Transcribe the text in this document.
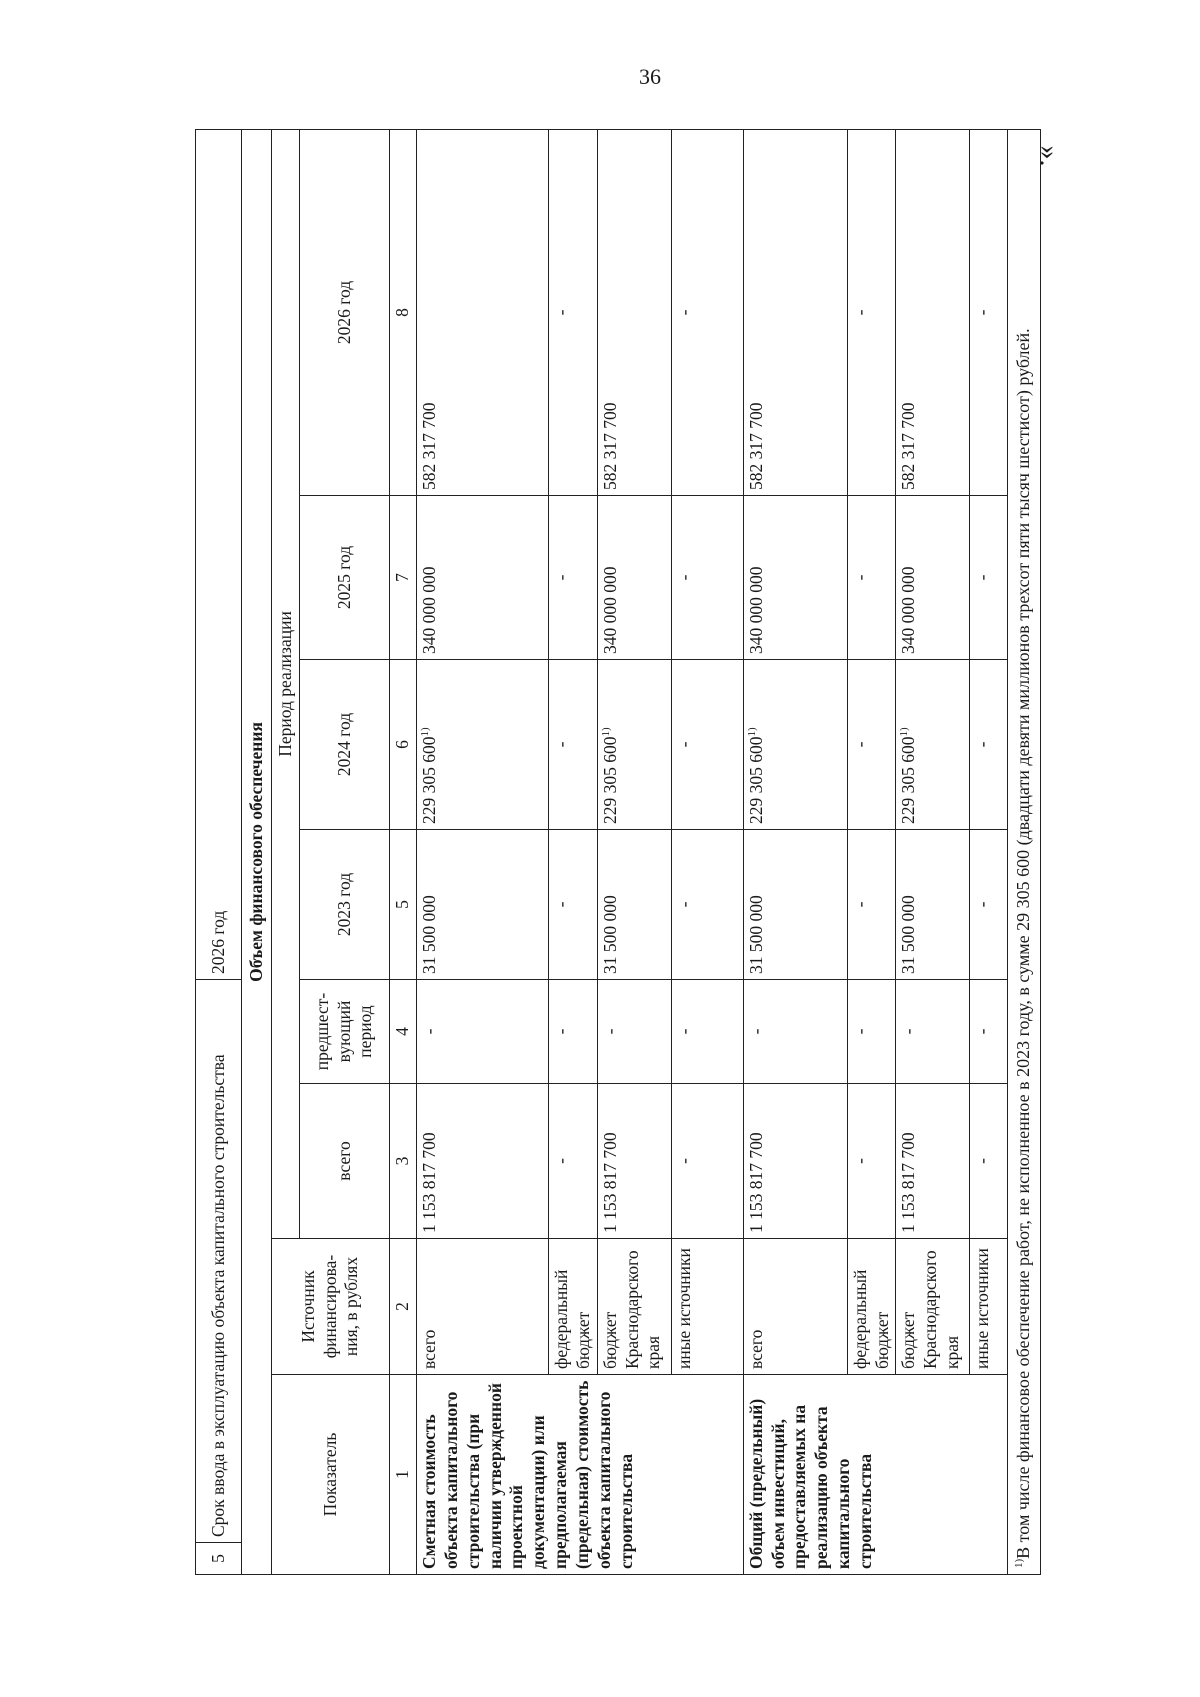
36
».
5	Срок ввода в эксплуатацию объекта капитального строительства				2026 год			
Объем финансового обеспечения								
Показатель		Источник финансирова-ния, в рублях	Период реализации					
			всего	предшест-вующий период	2023 год	2024 год	2025 год	2026 год
1		2	3	4	5	6	7	8
Сметная стоимость объекта капитального строительства (при наличии утвержденной проектной документации) или предполагаемая (предельная) стоимость объекта капитального строительства		всего	1 153 817 700	-	31 500 000	229 305 600$^{1)}$	340 000 000	582 317 700
		федеральный бюджет	-	-	-	-	-	-
		бюджет Краснодарского края	1 153 817 700	-	31 500 000	229 305 600$^{1)}$	340 000 000	582 317 700
		иные источники	-	-	-	-	-	-
Общий (предельный) объем инвестиций, предоставляемых на реализацию объекта капитального строительства		всего	1 153 817 700	-	31 500 000	229 305 600$^{1)}$	340 000 000	582 317 700
		федеральный бюджет	-	-	-	-	-	-
		бюджет Краснодарского края	1 153 817 700	-	31 500 000	229 305 600$^{1)}$	340 000 000	582 317 700
		иные источники	-	-	-	-	-	-
$^{1)}$В том числе финансовое обеспечение работ, не исполненное в 2023 году, в сумме 29 305 600 (двадцати девяти миллионов трехсот пяти тысяч шестисот) рублей.								
